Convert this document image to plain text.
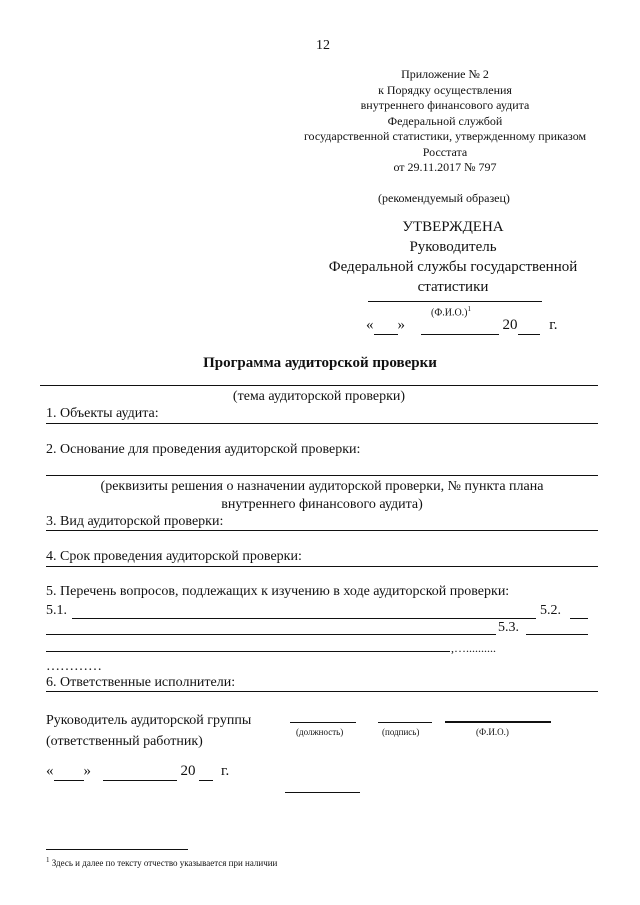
12
Приложение № 2
к Порядку осуществления
внутреннего финансового аудита
Федеральной службой
государственной статистики, утвержденному приказом
Росстата
от 29.11.2017 № 797
(рекомендуемый образец)
УТВЕРЖДЕНА
Руководитель
Федеральной службы государственной
статистики
$(Ф.И.О.)^1$
« »	20 г.
Программа аудиторской проверки
(тема аудиторской проверки)
1. Объекты аудита:
2. Основание для проведения аудиторской проверки:
(реквизиты решения о назначении аудиторской проверки, № пункта плана
внутреннего финансового аудита)
3. Вид аудиторской проверки:
4. Срок проведения аудиторской проверки:
5. Перечень вопросов, подлежащих к изучению в ходе аудиторской проверки:
5.1.	5.2.
5.3.
,…..........
…………
6. Ответственные исполнители:
Руководитель аудиторской группы
(ответственный работник)
(должность)	(подпись)	(Ф.И.О.)
« »	20 г.
$^1$ Здесь и далее по тексту отчество указывается при наличии
